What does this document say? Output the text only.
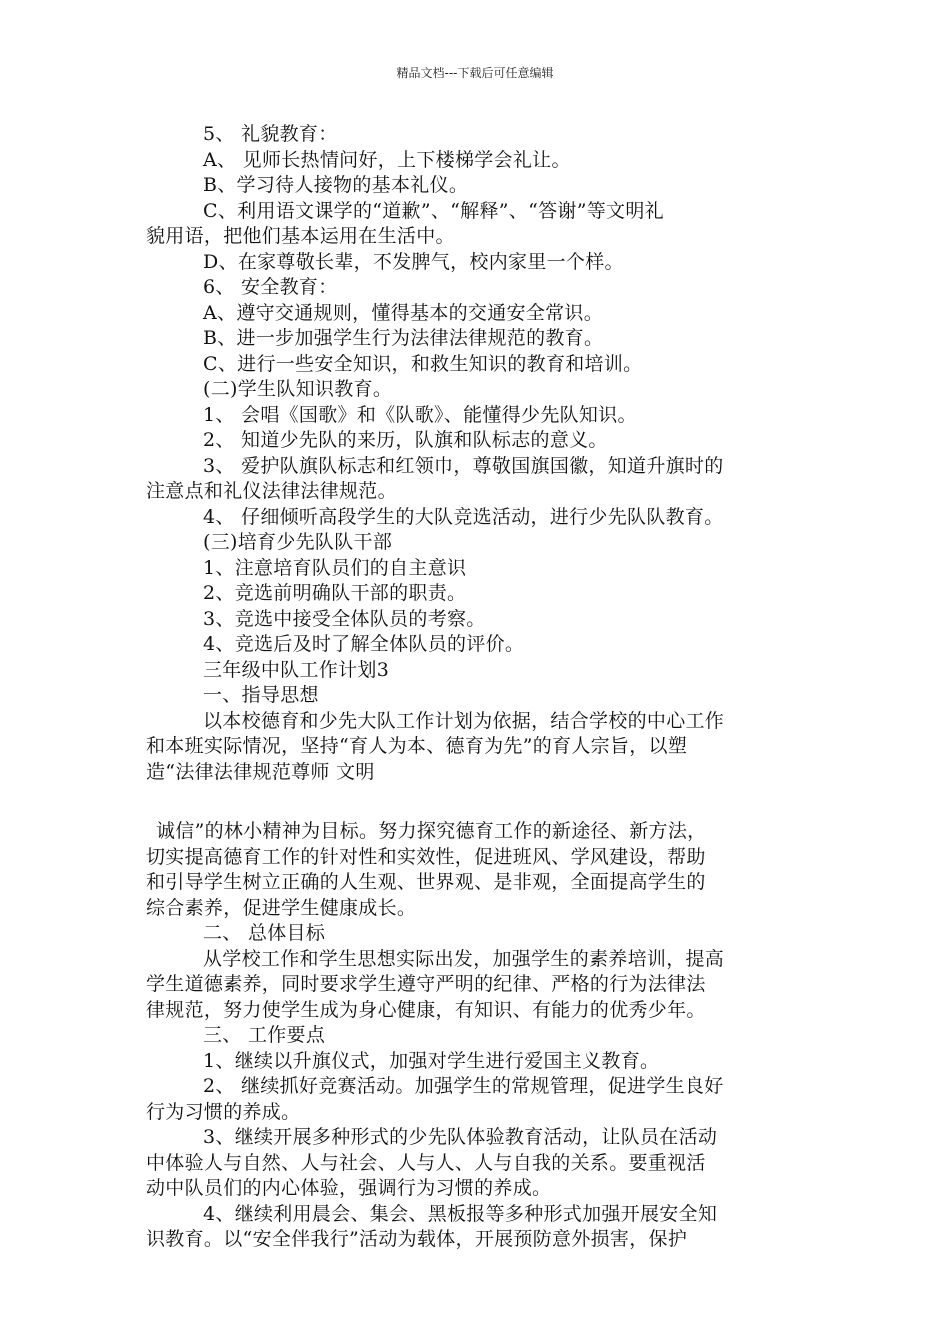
精品文档---下载后可任意编辑
5、 礼貌教育：
A、 见师长热情问好，上下楼梯学会礼让。
B、学习待人接物的基本礼仪。
C、利用语文课学的“道歉”、“解释”、“答谢”等文明礼
貌用语，把他们基本运用在生活中。
D、在家尊敬长辈，不发脾气，校内家里一个样。
6、 安全教育：
A、遵守交通规则，懂得基本的交通安全常识。
B、进一步加强学生行为法律法律规范的教育。
C、进行一些安全知识，和救生知识的教育和培训。
(二)学生队知识教育。
1、 会唱《国歌》和《队歌》、能懂得少先队知识。
2、 知道少先队的来历，队旗和队标志的意义。
3、 爱护队旗队标志和红领巾，尊敬国旗国徽，知道升旗时的
注意点和礼仪法律法律规范。
4、 仔细倾听高段学生的大队竞选活动，进行少先队队教育。
(三)培育少先队队干部
1、注意培育队员们的自主意识
2、竞选前明确队干部的职责。
3、竞选中接受全体队员的考察。
4、竞选后及时了解全体队员的评价。
三年级中队工作计划3
一、指导思想
以本校德育和少先大队工作计划为依据，结合学校的中心工作
和本班实际情况，坚持“育人为本、德育为先”的育人宗旨，以塑
造“法律法律规范尊师 文明
诚信”的林小精神为目标。努力探究德育工作的新途径、新方法，
切实提高德育工作的针对性和实效性，促进班风、学风建设，帮助
和引导学生树立正确的人生观、世界观、是非观，全面提高学生的
综合素养，促进学生健康成长。
二、 总体目标
从学校工作和学生思想实际出发，加强学生的素养培训，提高
学生道德素养，同时要求学生遵守严明的纪律、严格的行为法律法
律规范，努力使学生成为身心健康，有知识、有能力的优秀少年。
三、 工作要点
1、继续以升旗仪式，加强对学生进行爱国主义教育。
2、 继续抓好竞赛活动。加强学生的常规管理，促进学生良好
行为习惯的养成。
3、继续开展多种形式的少先队体验教育活动，让队员在活动
中体验人与自然、人与社会、人与人、人与自我的关系。要重视活
动中队员们的内心体验，强调行为习惯的养成。
4、继续利用晨会、集会、黑板报等多种形式加强开展安全知
识教育。以“安全伴我行”活动为载体，开展预防意外损害，保护
